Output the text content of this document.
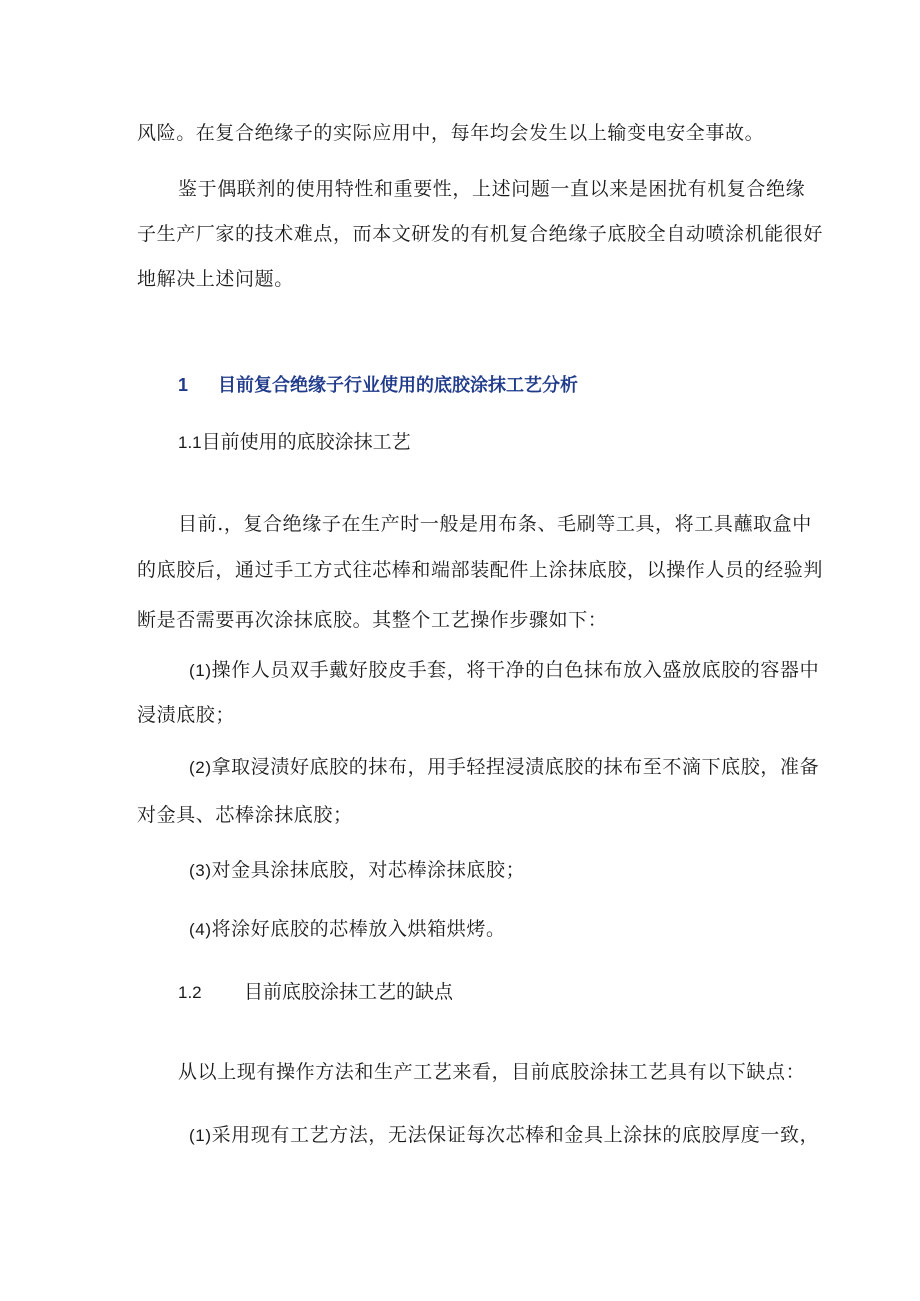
风险。在复合绝缘子的实际应用中，每年均会发生以上输变电安全事故。
鉴于偶联剂的使用特性和重要性，上述问题一直以来是困扰有机复合绝缘
子生产厂家的技术难点，而本文研发的有机复合绝缘子底胶全自动喷涂机能很好
地解决上述问题。
1 目前复合绝缘子行业使用的底胶涂抹工艺分析
1.1目前使用的底胶涂抹工艺
目前.，复合绝缘子在生产时一般是用布条、毛刷等工具，将工具蘸取盒中
的底胶后，通过手工方式往芯棒和端部装配件上涂抹底胶，以操作人员的经验判
断是否需要再次涂抹底胶。其整个工艺操作步骤如下：
(1)操作人员双手戴好胶皮手套，将干净的白色抹布放入盛放底胶的容器中
浸渍底胶；
(2)拿取浸渍好底胶的抹布，用手轻捏浸渍底胶的抹布至不滴下底胶，准备
对金具、芯棒涂抹底胶；
(3)对金具涂抹底胶，对芯棒涂抹底胶；
(4)将涂好底胶的芯棒放入烘箱烘烤。
1.2 目前底胶涂抹工艺的缺点
从以上现有操作方法和生产工艺来看，目前底胶涂抹工艺具有以下缺点：
(1)采用现有工艺方法，无法保证每次芯棒和金具上涂抹的底胶厚度一致，
